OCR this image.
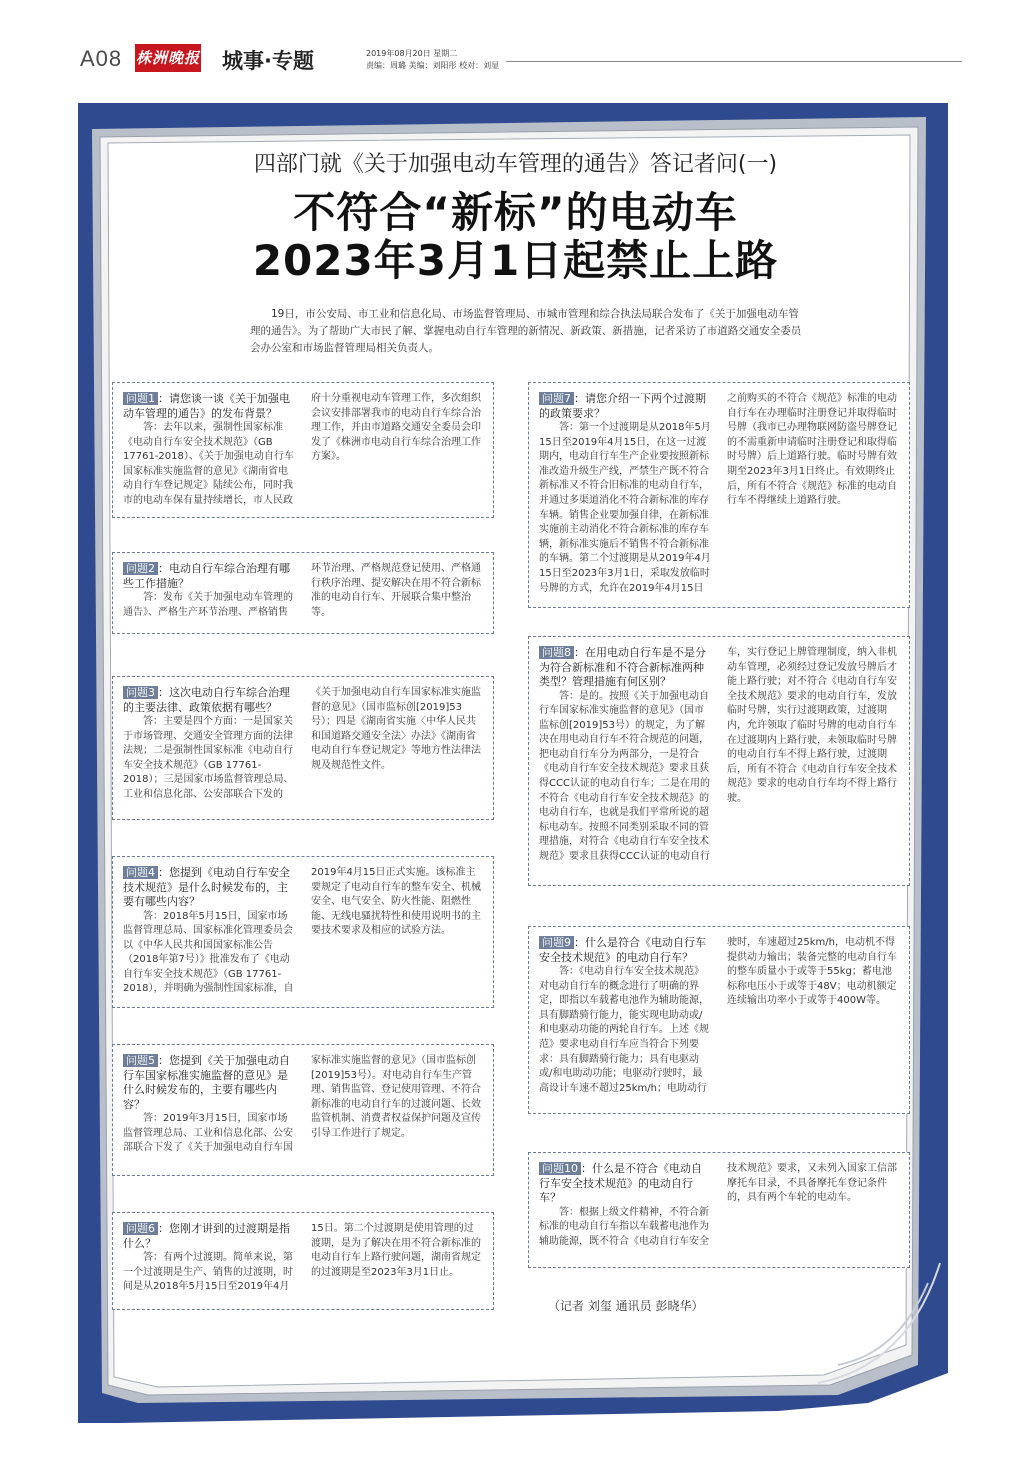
A08 株洲晚报 城事·专题	2019年08月20日 星期二
责编：周璐 美编：刘阳彤 校对：刘显
四部门就《关于加强电动车管理的通告》答记者问(一)
不符合“新标”的电动车
2023年3月1日起禁止上路
19日，市公安局、市工业和信息化局、市场监督管理局、市城市管理和综合执法局联合发布了《关于加强电动车管理的通告》。为了帮助广大市民了解、掌握电动自行车管理的新情况、新政策、新措施，记者采访了市道路交通安全委员会办公室和市场监督管理局相关负责人。

问题1 ：请您谈一谈《关于加强电动车管理的通告》的发布背景？

答：去年以来，强制性国家标准《电动自行车安全技术规范》（GB 17761-2018）、《关于加强电动自行车国家标准实施监督的意见》《湖南省电动自行车登记规定》陆续公布，同时我市的电动车保有量持续增长，市人民政府十分重视电动车管理工作，多次组织会议安排部署我市的电动自行车综合治理工作，并由市道路交通安全委员会印发了《株洲市电动自行车综合治理工作方案》。

问题2 ：电动自行车综合治理有哪些工作措施？

答：发布《关于加强电动车管理的通告》、严格生产环节治理、严格销售环节治理、严格规范登记使用、严格通行秩序治理、提安解决在用不符合新标准的电动自行车、开展联合集中整治等。

问题3 ：这次电动自行车综合治理的主要法律、政策依据有哪些？

答：主要是四个方面：一是国家关于市场管理、交通安全管理方面的法律法规；二是强制性国家标准《电动自行车安全技术规范》（GB 17761-2018）；三是国家市场监督管理总局、工业和信息化部、公安部联合下发的《关于加强电动自行车国家标准实施监督的意见》（国市监标创[2019]53号）；四是《湖南省实施〈中华人民共和国道路交通安全法〉办法》《湖南省电动自行车登记规定》等地方性法律法规及规范性文件。

问题4 ：您提到《电动自行车安全技术规范》是什么时候发布的，主要有哪些内容？

答：2018年5月15日，国家市场监督管理总局、国家标准化管理委员会以《中华人民共和国国家标准公告（2018年第7号）》批准发布了《电动自行车安全技术规范》（GB 17761-2018），并明确为强制性国家标准，自2019年4月15日正式实施。该标准主要规定了电动自行车的整车安全、机械安全、电气安全、防火性能、阻燃性能、无线电骚扰特性和使用说明书的主要技术要求及相应的试验方法。

问题5 ：您提到《关于加强电动自行车国家标准实施监督的意见》是什么时候发布的，主要有哪些内容？

答：2019年3月15日，国家市场监督管理总局、工业和信息化部、公安部联合下发了《关于加强电动自行车国家标准实施监督的意见》（国市监标创[2019]53号）。对电动自行车生产管理、销售监管、登记使用管理、不符合新标准的电动自行车的过渡问题、长效监管机制、消费者权益保护问题及宣传引导工作进行了规定。

问题6 ：您刚才讲到的过渡期是指什么？

答：有两个过渡期。简单来说，第一个过渡期是生产、销售的过渡期，时间是从2018年5月15日至2019年4月15日。第二个过渡期是使用管理的过渡期，是为了解决在用不符合新标准的电动自行车上路行驶问题，湖南省规定的过渡期是至2023年3月1日止。

问题7 ：请您介绍一下两个过渡期的政策要求？

答：第一个过渡期是从2018年5月15日至2019年4月15日，在这一过渡期内，电动自行车生产企业要按照新标准改造升级生产线，严禁生产既不符合新标准又不符合旧标准的电动自行车，并通过多渠道消化不符合新标准的库存车辆。销售企业要加强自律，在新标准实施前主动消化不符合新标准的库存车辆，新标准实施后不销售不符合新标准的车辆。第二个过渡期是从2019年4月15日至2023年3月1日，采取发放临时号牌的方式，允许在2019年4月15日之前购买的不符合《规范》标准的电动自行车在办理临时注册登记并取得临时号牌（我市已办理物联网防盗号牌登记的不需重新申请临时注册登记和取得临时号牌）后上道路行驶。临时号牌有效期至2023年3月1日终止。有效期终止后，所有不符合《规范》标准的电动自行车不得继续上道路行驶。

问题8 ：在用电动自行车是不是分为符合新标准和不符合新标准两种类型？管理措施有何区别？

答：是的。按照《关于加强电动自行车国家标准实施监督的意见》（国市监标创[2019]53号）的规定，为了解决在用电动自行车不符合规范的问题，把电动自行车分为两部分，一是符合《电动自行车安全技术规范》要求且获得CCC认证的电动自行车；二是在用的不符合《电动自行车安全技术规范》的电动自行车，也就是我们平常所说的超标电动车。按照不同类别采取不同的管理措施，对符合《电动自行车安全技术规范》要求且获得CCC认证的电动自行车，实行登记上牌管理制度，纳入非机动车管理，必须经过登记发放号牌后才能上路行驶；对不符合《电动自行车安全技术规范》要求的电动自行车，发放临时号牌，实行过渡期政策，过渡期内，允许领取了临时号牌的电动自行车在过渡期内上路行驶，未领取临时号牌的电动自行车不得上路行驶，过渡期后，所有不符合《电动自行车安全技术规范》要求的电动自行车均不得上路行驶。

问题9 ：什么是符合《电动自行车安全技术规范》的电动自行车？

答：《电动自行车安全技术规范》对电动自行车的概念进行了明确的界定，即指以车载蓄电池作为辅助能源，具有脚踏骑行能力，能实现电助动或/和电驱动功能的两轮自行车。上述《规范》要求电动自行车应当符合下列要求：具有脚踏骑行能力；具有电驱动或/和电助动功能；电驱动行驶时，最高设计车速不超过25km/h；电助动行驶时，车速超过25km/h，电动机不得提供动力输出；装备完整的电动自行车的整车质量小于或等于55kg；蓄电池标称电压小于或等于48V；电动机额定连续输出功率小于或等于400W等。

问题10 ：什么是不符合《电动自行车安全技术规范》的电动自行车？

答：根据上级文件精神，不符合新标准的电动自行车指以车载蓄电池作为辅助能源，既不符合《电动自行车安全技术规范》要求，又未列入国家工信部摩托车目录，不具备摩托车登记条件的，具有两个车轮的电动车。

（记者 刘玺 通讯员 彭晓华）
